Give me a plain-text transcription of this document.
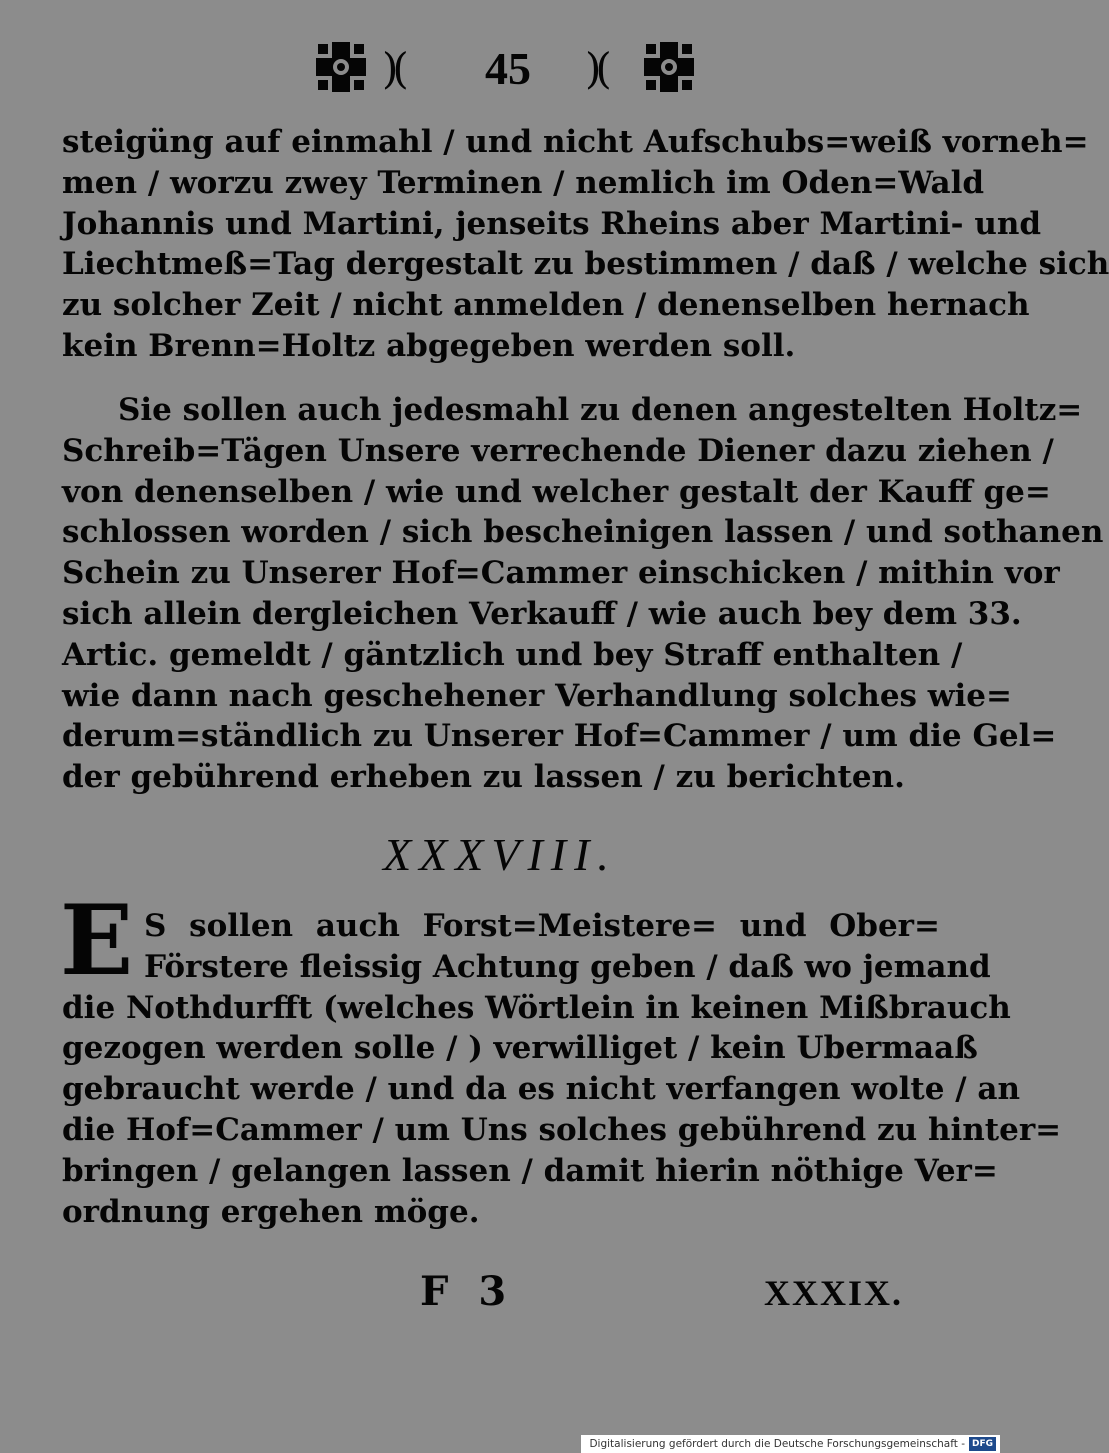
)(	45	)(
steigüng auf einmahl / und nicht Aufschubs=weiß vorneh=
men / worzu zwey Terminen / nemlich im Oden=Wald
Johannis und Martini, jenseits Rheins aber Martini- und
Liechtmeß=Tag dergestalt zu bestimmen / daß / welche sich
zu solcher Zeit / nicht anmelden / denenselben hernach
kein Brenn=Holtz abgegeben werden soll.
Sie sollen auch jedesmahl zu denen angestelten Holtz=
Schreib=Tägen Unsere verrechende Diener dazu ziehen /
von denenselben / wie und welcher gestalt der Kauff ge=
schlossen worden / sich bescheinigen lassen / und sothanen
Schein zu Unserer Hof=Cammer einschicken / mithin vor
sich allein dergleichen Verkauff / wie auch bey dem 33.
Artic. gemeldt / gäntzlich und bey Straff enthalten /
wie dann nach geschehener Verhandlung solches wie=
derum=ständlich zu Unserer Hof=Cammer / um die Gel=
der gebührend erheben zu lassen / zu berichten.
XXXVIII.
E S sollen auch Forst=Meistere= und Ober=
Förstere fleissig Achtung geben / daß wo jemand
die Nothdurfft (welches Wörtlein in keinen Mißbrauch
gezogen werden solle / ) verwilliget / kein Ubermaaß
gebraucht werde / und da es nicht verfangen wolte / an
die Hof=Cammer / um Uns solches gebührend zu hinter=
bringen / gelangen lassen / damit hierin nöthige Ver=
ordnung ergehen möge.
F 3	XXXIX.
Digitalisierung gefördert durch die Deutsche Forschungsgemeinschaft - DFG
